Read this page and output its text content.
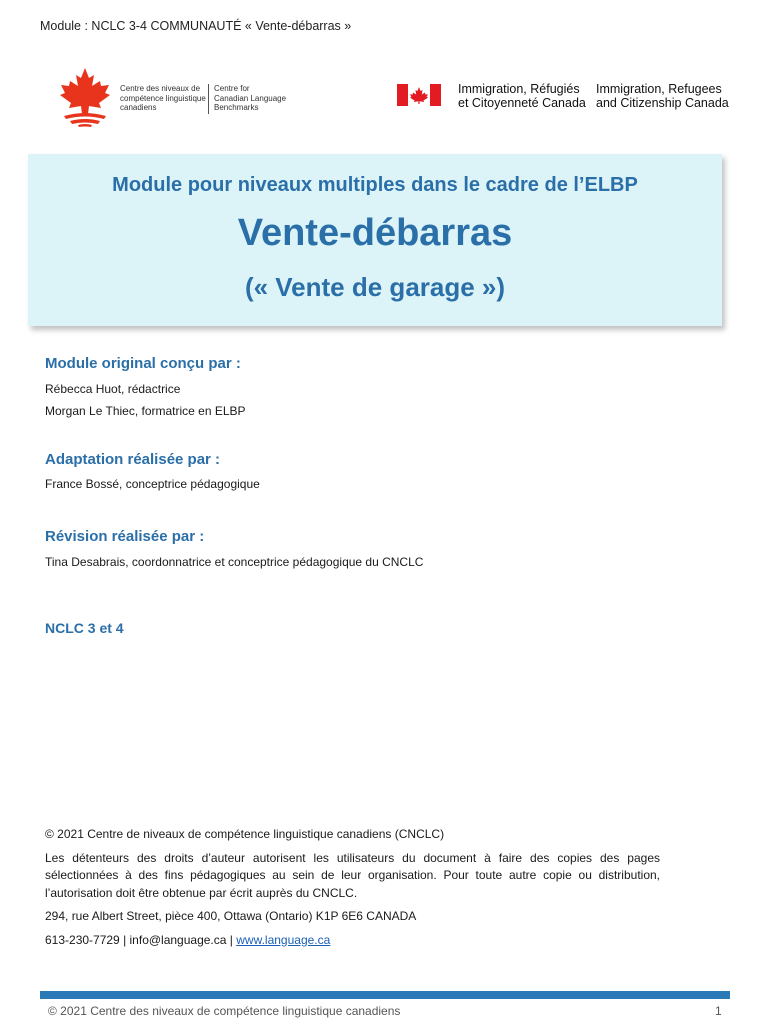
Module : NCLC 3-4 COMMUNAUTÉ « Vente-débarras »
Centre des niveaux de
compétence linguistique
canadiens
Centre for
Canadian Language
Benchmarks
Immigration, Réfugiés
et Citoyenneté Canada
Immigration, Refugees
and Citizenship Canada
Module pour niveaux multiples dans le cadre de l’ELBP
Vente-débarras
(« Vente de garage »)
Module original conçu par :
Rébecca Huot, rédactrice
Morgan Le Thiec, formatrice en ELBP
Adaptation réalisée par :
France Bossé, conceptrice pédagogique
Révision réalisée par :
Tina Desabrais, coordonnatrice et conceptrice pédagogique du CNCLC
NCLC 3 et 4

© 2021 Centre de niveaux de compétence linguistique canadiens (CNCLC)

Les détenteurs des droits d’auteur autorisent les utilisateurs du document à faire des copies des pages sélectionnées à des fins pédagogiques au sein de leur organisation. Pour toute autre copie ou distribution, l’autorisation doit être obtenue par écrit auprès du CNCLC.

294, rue Albert Street, pièce 400, Ottawa (Ontario) K1P 6E6 CANADA

613-230-7729 | info@language.ca | www.language.ca

© 2021 Centre des niveaux de compétence linguistique canadiens	1
